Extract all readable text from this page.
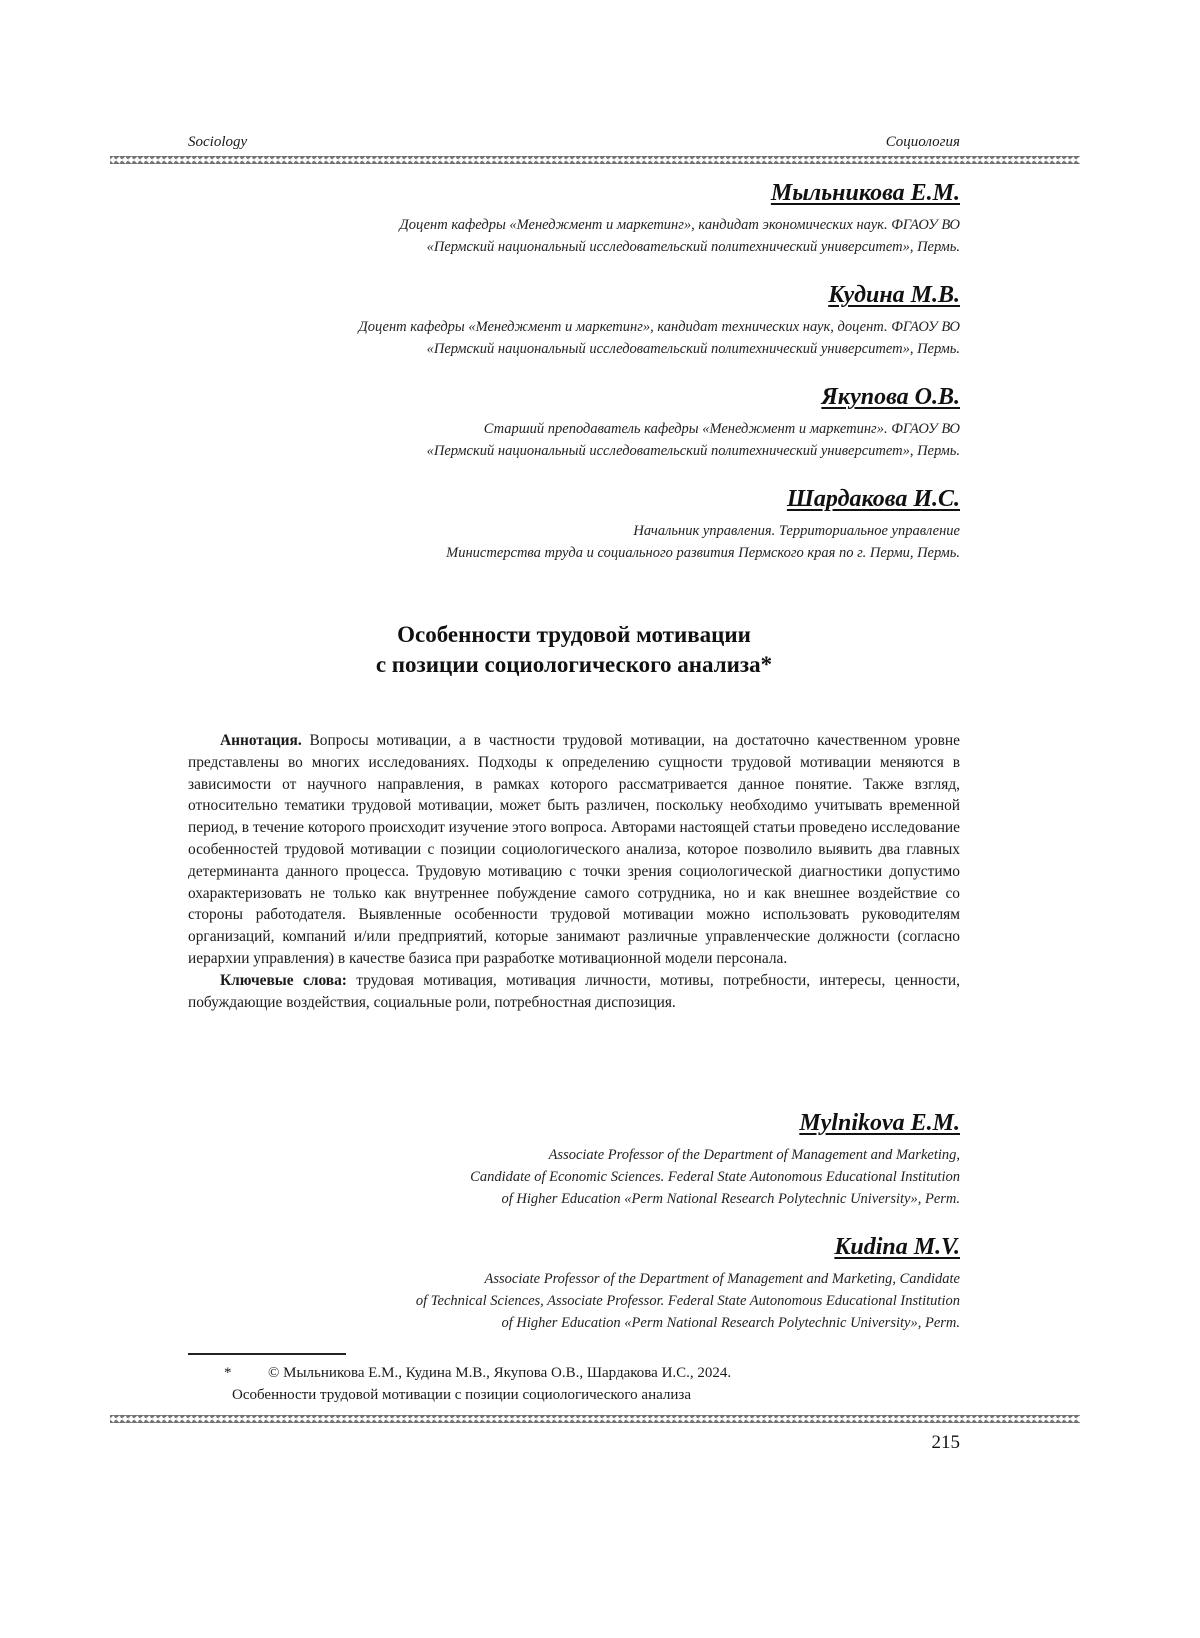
Sociology	Социология
Мыльникова Е.М.
Доцент кафедры «Менеджмент и маркетинг», кандидат экономических наук. ФГАОУ ВО
«Пермский национальный исследовательский политехнический университет», Пермь.
Кудина М.В.
Доцент кафедры «Менеджмент и маркетинг», кандидат технических наук, доцент. ФГАОУ ВО
«Пермский национальный исследовательский политехнический университет», Пермь.
Якупова О.В.
Старший преподаватель кафедры «Менеджмент и маркетинг». ФГАОУ ВО
«Пермский национальный исследовательский политехнический университет», Пермь.
Шардакова И.С.
Начальник управления. Территориальное управление
Министерства труда и социального развития Пермского края по г. Перми, Пермь.
Особенности трудовой мотивации
с позиции социологического анализа*

Аннотация. Вопросы мотивации, а в частности трудовой мотивации, на достаточно качественном уровне представлены во многих исследованиях. Подходы к определению сущности трудовой мотивации меняются в зависимости от научного направления, в рамках которого рассматривается данное понятие. Также взгляд, относительно тематики трудовой мотивации, может быть различен, поскольку необходимо учитывать временной период, в течение которого происходит изучение этого вопроса. Авторами настоящей статьи проведено исследование особенностей трудовой мотивации с позиции социологического анализа, которое позволило выявить два главных детерминанта данного процесса. Трудовую мотивацию с точки зрения социологической диагностики допустимо охарактеризовать не только как внутреннее побуждение самого сотрудника, но и как внешнее воздействие со стороны работодателя. Выявленные особенности трудовой мотивации можно использовать руководителям организаций, компаний и/или предприятий, которые занимают различные управленческие должности (согласно иерархии управления) в качестве базиса при разработке мотивационной модели персонала.

Ключевые слова: трудовая мотивация, мотивация личности, мотивы, потребности, интересы, ценности, побуждающие воздействия, социальные роли, потребностная диспозиция.

Mylnikova E.M.
Associate Professor of the Department of Management and Marketing,
Candidate of Economic Sciences. Federal State Autonomous Educational Institution
of Higher Education «Perm National Research Polytechnic University», Perm.
Kudina M.V.
Associate Professor of the Department of Management and Marketing, Candidate
of Technical Sciences, Associate Professor. Federal State Autonomous Educational Institution
of Higher Education «Perm National Research Polytechnic University», Perm.
* © Мыльникова Е.М., Кудина М.В., Якупова О.В., Шардакова И.С., 2024.
Особенности трудовой мотивации с позиции социологического анализа
215
